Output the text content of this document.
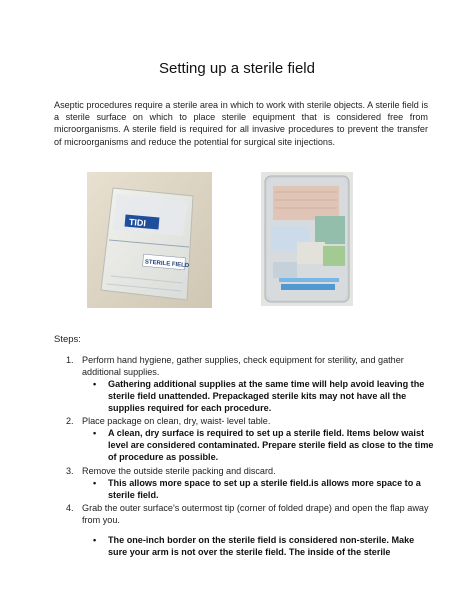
Setting up a sterile field
Aseptic procedures require a sterile area in which to work with sterile objects. A sterile field is a sterile surface on which to place sterile equipment that is considered free from microorganisms. A sterile field is required for all invasive procedures to prevent the transfer of microorganisms and reduce the potential for surgical site injections.
TIDI
STERILE FIELD
Steps:
1. Perform hand hygiene, gather supplies, check equipment for sterility, and gather additional supplies.
• Gathering additional supplies at the same time will help avoid leaving the sterile field unattended. Prepackaged sterile kits may not have all the supplies required for each procedure.
2. Place package on clean, dry, waist- level table.
• A clean, dry surface is required to set up a sterile field. Items below waist level are considered contaminated. Prepare sterile field as close to the time of procedure as possible.
3. Remove the outside sterile packing and discard.
• This allows more space to set up a sterile field.is allows more space to a sterile field.
4. Grab the outer surface's outermost tip (corner of folded drape) and open the flap away from you.
• The one-inch border on the sterile field is considered non-sterile. Make sure your arm is not over the sterile field. The inside of the sterile
